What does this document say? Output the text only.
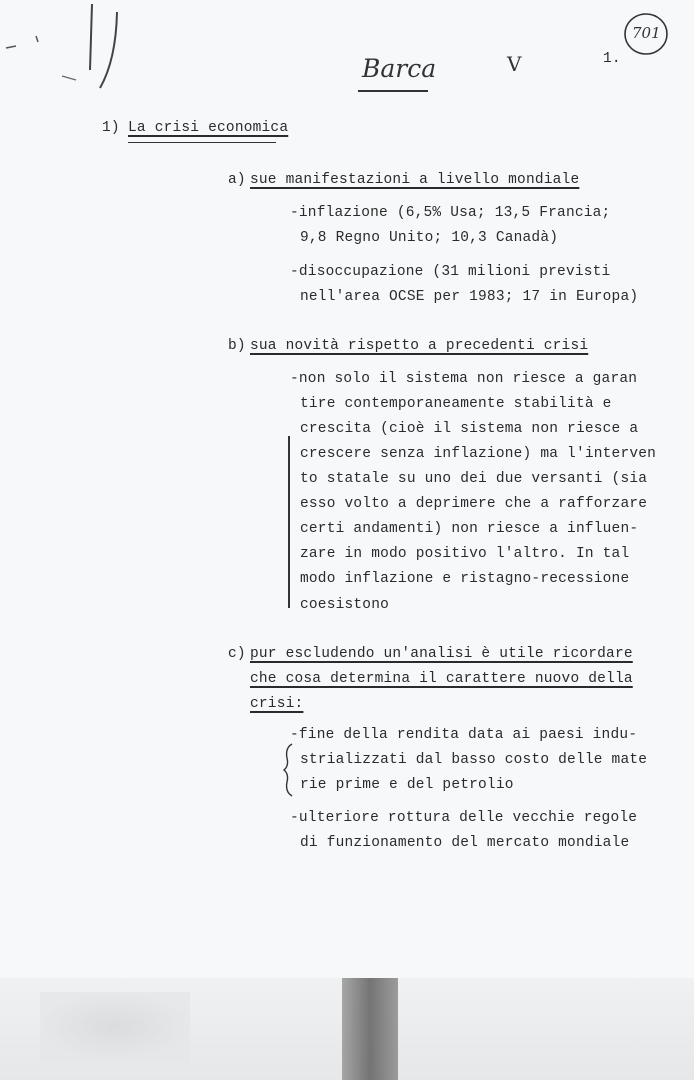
Barca	V	1.
701
1) La crisi economica
a) sue manifestazioni a livello mondiale
-inflazione (6,5% Usa; 13,5 Francia;
9,8 Regno Unito; 10,3 Canadà)
-disoccupazione (31 milioni previsti
nell'area OCSE per 1983; 17 in Europa)
b) sua novità rispetto a precedenti crisi
-non solo il sistema non riesce a garan
tire contemporaneamente stabilità e
crescita (cioè il sistema non riesce a
crescere senza inflazione) ma l'interven
to statale su uno dei due versanti (sia
esso volto a deprimere che a rafforzare
certi andamenti) non riesce a influen-
zare in modo positivo l'altro. In tal
modo inflazione e ristagno-recessione
coesistono
c) pur escludendo un'analisi è utile ricordare
che cosa determina il carattere nuovo della
crisi:
-fine della rendita data ai paesi indu-
strializzati dal basso costo delle mate
rie prime e del petrolio
-ulteriore rottura delle vecchie regole
di funzionamento del mercato mondiale
